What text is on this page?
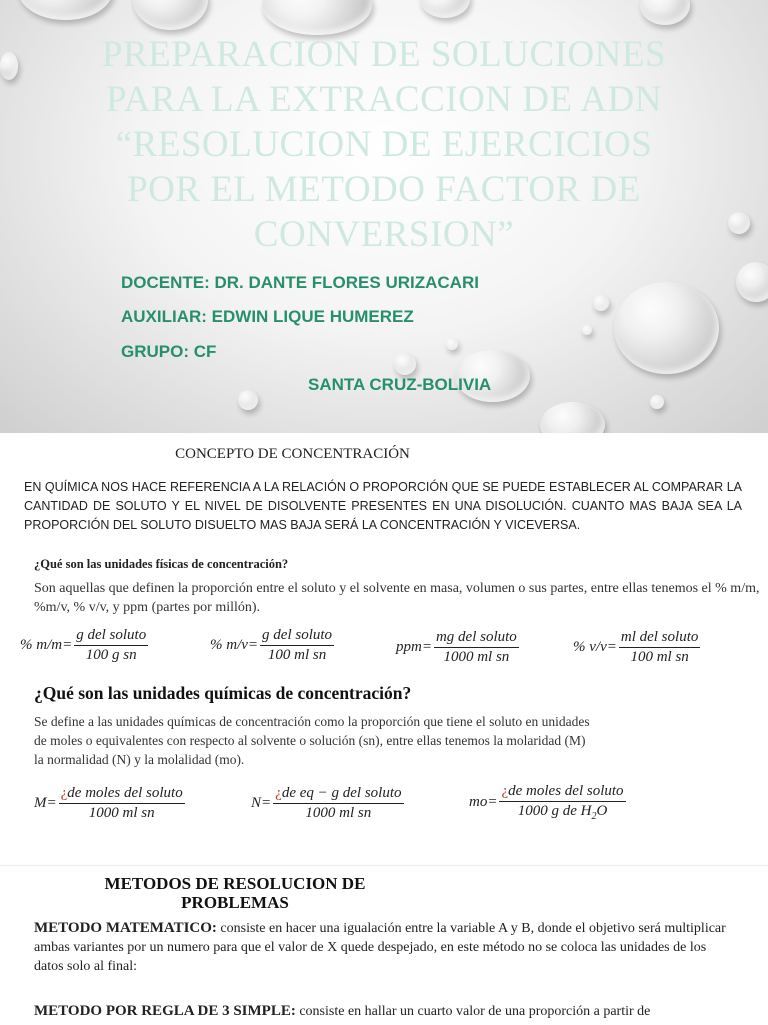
PREPARACION DE SOLUCIONES
PARA LA EXTRACCION DE ADN
“RESOLUCION DE EJERCICIOS
POR EL METODO FACTOR DE
CONVERSION”
DOCENTE: DR. DANTE FLORES URIZACARI
AUXILIAR: EDWIN LIQUE HUMEREZ
GRUPO: CF
SANTA CRUZ-BOLIVIA
CONCEPTO DE CONCENTRACIÓN
EN QUÍMICA NOS HACE REFERENCIA A LA RELACIÓN O PROPORCIÓN QUE SE PUEDE ESTABLECER AL COMPARAR LA CANTIDAD DE SOLUTO Y EL NIVEL DE DISOLVENTE PRESENTES EN UNA DISOLUCIÓN. CUANTO MAS BAJA SEA LA PROPORCIÓN DEL SOLUTO DISUELTO MAS BAJA SERÁ LA CONCENTRACIÓN Y VICEVERSA.
¿Qué son las unidades físicas de concentración?
Son aquellas que definen la proporción entre el soluto y el solvente en masa, volumen o sus partes, entre ellas tenemos el % m/m, %m/v, % v/v, y ppm (partes por millón).
% $m/m= \frac{\text{g del soluto}}{\text{100 g sn}}$	% $m/v= \frac{\text{g del soluto}}{\text{100 ml sn}}$	$ppm= \frac{\text{mg del soluto}}{\text{1000 ml sn}}$	% $v/v= \frac{\text{ml del soluto}}{\text{100 ml sn}}$
¿Qué son las unidades químicas de concentración?
Se define a las unidades químicas de concentración como la proporción que tiene el soluto en unidades
de moles o equivalentes con respecto al solvente o solución (sn), entre ellas tenemos la molaridad (M)
la normalidad (N) y la molalidad (mo).
$M= \frac{\text{¿de moles del soluto}}{\text{1000 ml sn}}$	$N= \frac{\text{¿de eq − g del soluto}}{\text{1000 ml sn}}$	$mo= \frac{\text{¿de moles del soluto}}{1000 g de H_2O}$
METODOS DE RESOLUCION DE PROBLEMAS
METODO MATEMATICO: consiste en hacer una igualación entre la variable A y B, donde el objetivo será multiplicar ambas variantes por un numero para que el valor de X quede despejado, en este método no se coloca las unidades de los datos solo al final:
METODO POR REGLA DE 3 SIMPLE: consiste en hallar un cuarto valor de una proporción a partir de
